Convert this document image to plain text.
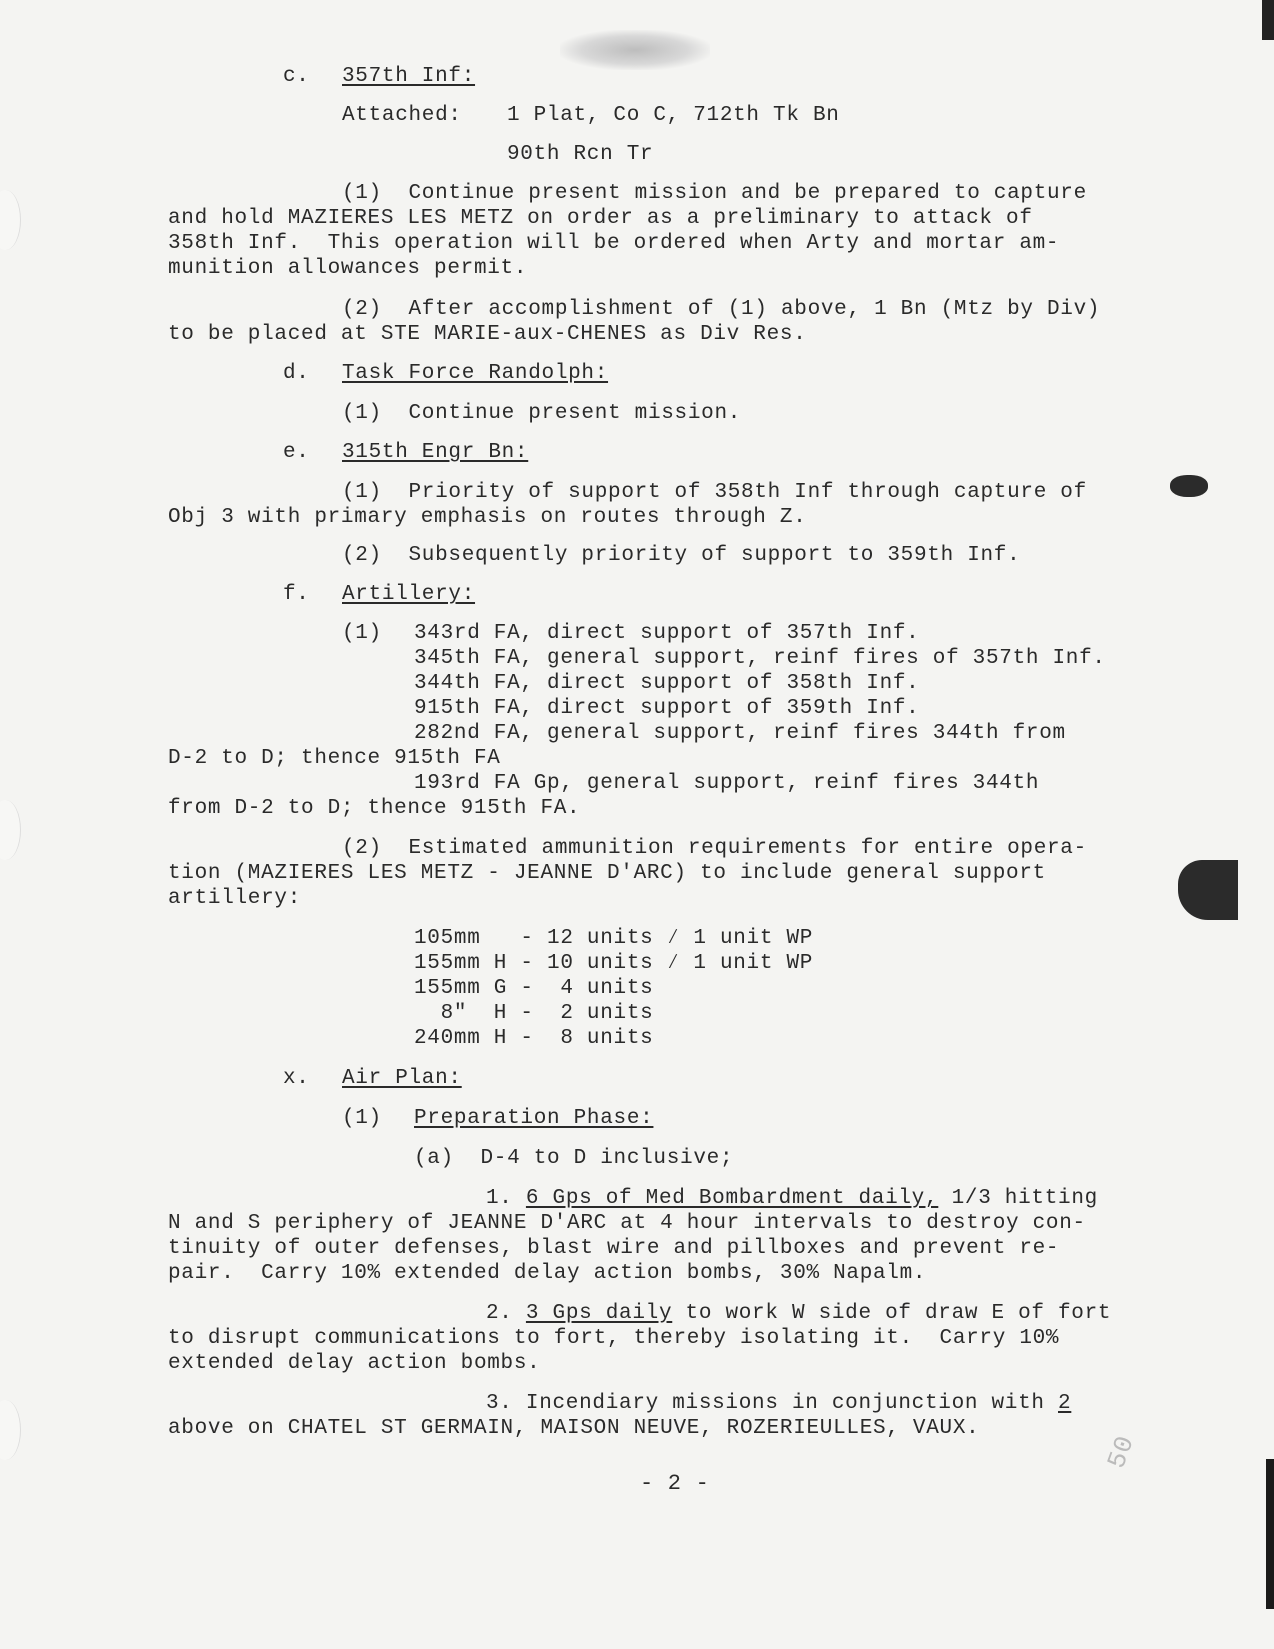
c. 357th Inf:
Attached: 1 Plat, Co C, 712th Tk Bn
90th Rcn Tr
(1)  Continue present mission and be prepared to capture
and hold MAZIERES LES METZ on order as a preliminary to attack of
358th Inf.  This operation will be ordered when Arty and mortar am-
munition allowances permit.
(2)  After accomplishment of (1) above, 1 Bn (Mtz by Div)
to be placed at STE MARIE-aux-CHENES as Div Res.
d. Task Force Randolph:
(1)  Continue present mission.
e. 315th Engr Bn:
(1)  Priority of support of 358th Inf through capture of
Obj 3 with primary emphasis on routes through Z.
(2)  Subsequently priority of support to 359th Inf.
f. Artillery:
(1) 343rd FA, direct support of 357th Inf.
345th FA, general support, reinf fires of 357th Inf.
344th FA, direct support of 358th Inf.
915th FA, direct support of 359th Inf.
282nd FA, general support, reinf fires 344th from
D-2 to D; thence 915th FA
193rd FA Gp, general support, reinf fires 344th
from D-2 to D; thence 915th FA.
(2)  Estimated ammunition requirements for entire opera-
tion (MAZIERES LES METZ - JEANNE D'ARC) to include general support
artillery:
105mm   - 12 units ∕ 1 unit WP
155mm H - 10 units ∕ 1 unit WP
155mm G -  4 units
8"  H -  2 units
240mm H -  8 units
x. Air Plan:
(1) Preparation Phase:
(a)  D-4 to D inclusive;
1. 6 Gps of Med Bombardment daily, 1/3 hitting
N and S periphery of JEANNE D'ARC at 4 hour intervals to destroy con-
tinuity of outer defenses, blast wire and pillboxes and prevent re-
pair.  Carry 10% extended delay action bombs, 30% Napalm.
2. 3 Gps daily to work W side of draw E of fort
to disrupt communications to fort, thereby isolating it.  Carry 10%
extended delay action bombs.
3. Incendiary missions in conjunction with 2
above on CHATEL ST GERMAIN, MAISON NEUVE, ROZERIEULLES, VAUX.
- 2 -
50
